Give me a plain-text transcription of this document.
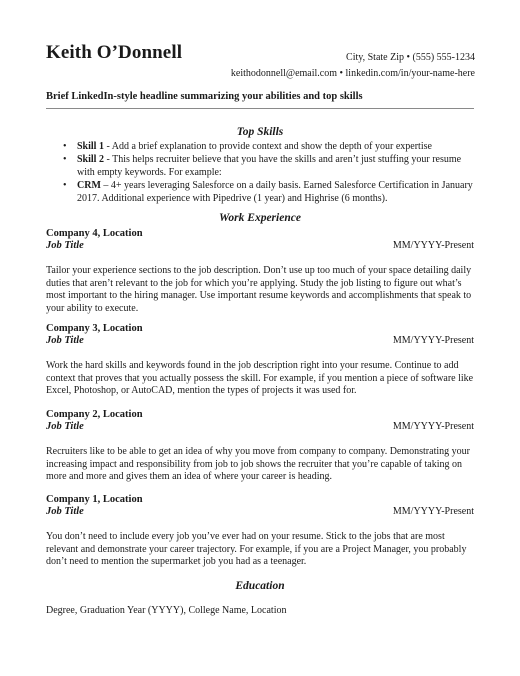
Keith O’Donnell	City, State Zip • (555) 555-1234
keithodonnell@email.com • linkedin.com/in/your-name-here
Brief LinkedIn-style headline summarizing your abilities and top skills
Top Skills
• Skill 1 - Add a brief explanation to provide context and show the depth of your expertise
• Skill 2 - This helps recruiter believe that you have the skills and aren’t just stuffing your resume with empty keywords. For example:
• CRM – 4+ years leveraging Salesforce on a daily basis. Earned Salesforce Certification in January 2017. Additional experience with Pipedrive (1 year) and Highrise (6 months).
Work Experience
Company 4, Location
Job Title	MM/YYYY-Present
Tailor your experience sections to the job description. Don’t use up too much of your space detailing daily duties that aren’t relevant to the job for which you’re applying. Study the job listing to figure out what’s most important to the hiring manager. Use important resume keywords and accomplishments that speak to your ability to execute.
Company 3, Location
Job Title	MM/YYYY-Present
Work the hard skills and keywords found in the job description right into your resume. Continue to add context that proves that you actually possess the skill. For example, if you mention a piece of software like Excel, Photoshop, or AutoCAD, mention the types of projects it was used for.
Company 2, Location
Job Title	MM/YYYY-Present
Recruiters like to be able to get an idea of why you move from company to company. Demonstrating your increasing impact and responsibility from job to job shows the recruiter that you’re capable of taking on more and more and gives them an idea of where your career is heading.
Company 1, Location
Job Title	MM/YYYY-Present
You don’t need to include every job you’ve ever had on your resume. Stick to the jobs that are most relevant and demonstrate your career trajectory. For example, if you are a Project Manager, you probably don’t need to mention the supermarket job you had as a teenager.
Education
Degree, Graduation Year (YYYY), College Name, Location
